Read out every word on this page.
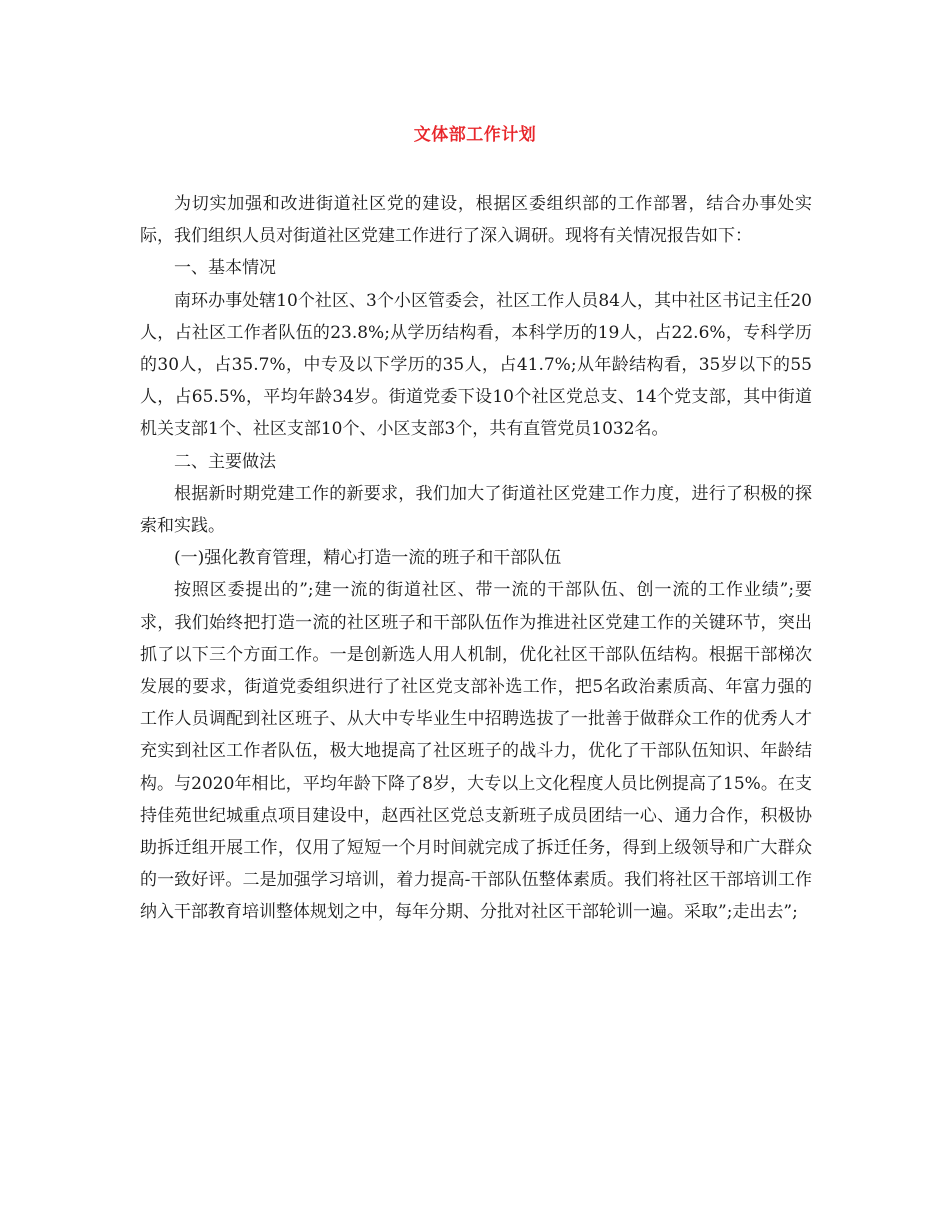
文体部工作计划

为切实加强和改进街道社区党的建设，根据区委组织部的工作部署，结合办事处实际，我们组织人员对街道社区党建工作进行了深入调研。现将有关情况报告如下：

一、基本情况

南环办事处辖10个社区、3个小区管委会，社区工作人员84人，其中社区书记主任20人，占社区工作者队伍的23.8%;从学历结构看，本科学历的19人，占22.6%，专科学历的30人，占35.7%，中专及以下学历的35人，占41.7%;从年龄结构看，35岁以下的55人，占65.5%，平均年龄34岁。街道党委下设10个社区党总支、14个党支部，其中街道机关支部1个、社区支部10个、小区支部3个，共有直管党员1032名。

二、主要做法

根据新时期党建工作的新要求，我们加大了街道社区党建工作力度，进行了积极的探索和实践。

(一)强化教育管理，精心打造一流的班子和干部队伍

按照区委提出的”;建一流的街道社区、带一流的干部队伍、创一流的工作业绩”;要求，我们始终把打造一流的社区班子和干部队伍作为推进社区党建工作的关键环节，突出抓了以下三个方面工作。一是创新选人用人机制，优化社区干部队伍结构。根据干部梯次发展的要求，街道党委组织进行了社区党支部补选工作，把5名政治素质高、年富力强的工作人员调配到社区班子、从大中专毕业生中招聘选拔了一批善于做群众工作的优秀人才充实到社区工作者队伍，极大地提高了社区班子的战斗力，优化了干部队伍知识、年龄结构。与2020年相比，平均年龄下降了8岁，大专以上文化程度人员比例提高了15%。在支持佳苑世纪城重点项目建设中，赵西社区党总支新班子成员团结一心、通力合作，积极协助拆迁组开展工作，仅用了短短一个月时间就完成了拆迁任务，得到上级领导和广大群众的一致好评。二是加强学习培训，着力提高-干部队伍整体素质。我们将社区干部培训工作纳入干部教育培训整体规划之中，每年分期、分批对社区干部轮训一遍。采取”;走出去”;
